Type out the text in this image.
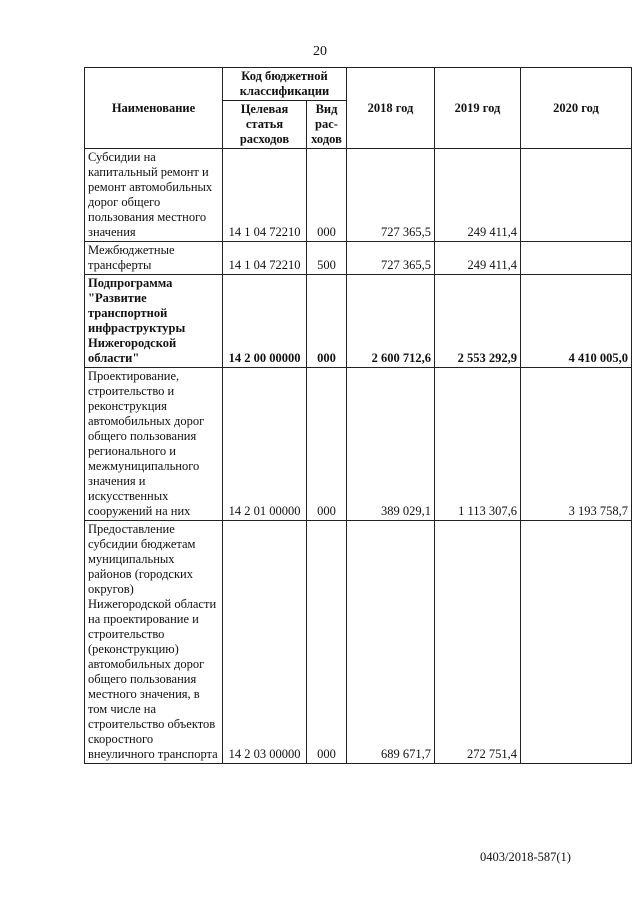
20
Наименование	Код бюджетной классификации		2018 год	2019 год	2020 год
	Целевая статья расходов	Вид рас-ходов			
Субсидии на капитальный ремонт и ремонт автомобильных дорог общего пользования местного значения	14 1 04 72210	000	727 365,5	249 411,4	
Межбюджетные трансферты	14 1 04 72210	500	727 365,5	249 411,4	
Подпрограмма "Развитие транспортной инфраструктуры Нижегородской области"	14 2 00 00000	000	2 600 712,6	2 553 292,9	4 410 005,0
Проектирование, строительство и реконструкция автомобильных дорог общего пользования регионального и межмуниципального значения и искусственных сооружений на них	14 2 01 00000	000	389 029,1	1 113 307,6	3 193 758,7
Предоставление субсидии бюджетам муниципальных районов (городских округов) Нижегородской области на проектирование и строительство (реконструкцию) автомобильных дорог общего пользования местного значения, в том числе на строительство объектов скоростного внеуличного транспорта	14 2 03 00000	000	689 671,7	272 751,4	
0403/2018-587(1)
